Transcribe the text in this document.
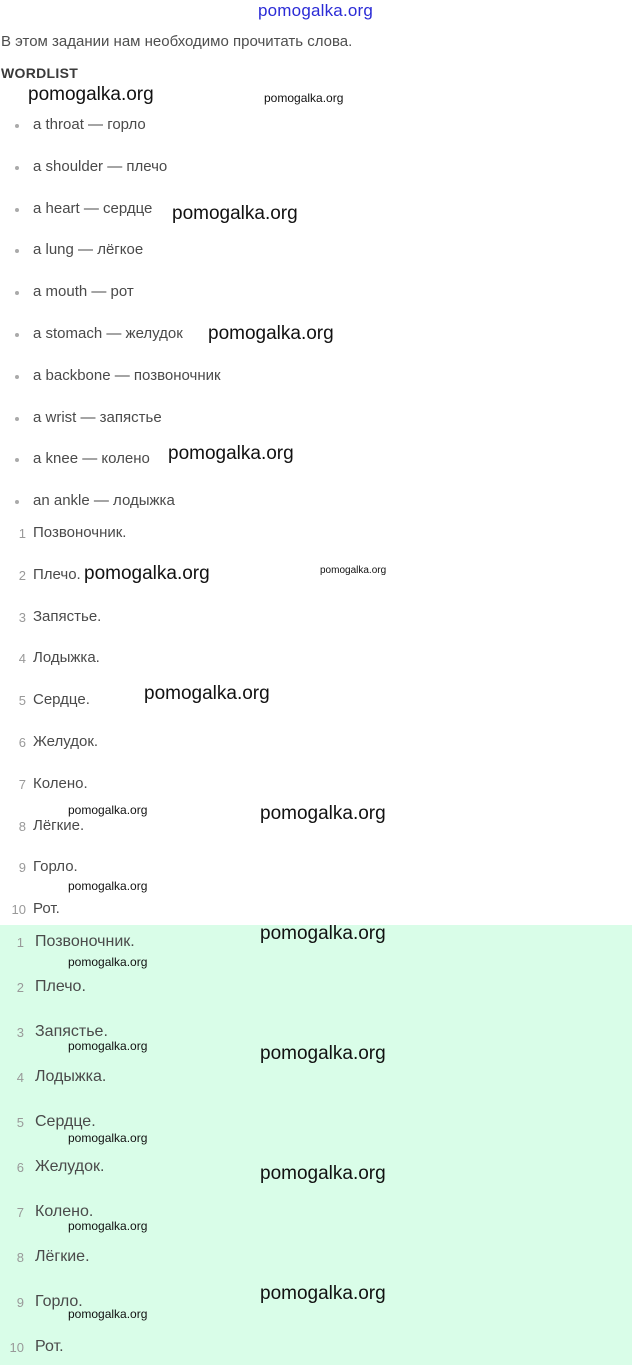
pomogalka.org
В этом задании нам необходимо прочитать слова.
WORDLIST
a throat — горло
a shoulder — плечо
a heart — сердце
a lung — лёгкое
a mouth — рот
a stomach — желудок
a backbone — позвоночник
a wrist — запястье
a knee — колено
an ankle — лодыжка
1 Позвоночник.
2 Плечо.
3 Запястье.
4 Лодыжка.
5 Сердце.
6 Желудок.
7 Колено.
8 Лёгкие.
9 Горло.
10 Рот.
1 Позвоночник.
2 Плечо.
3 Запястье.
4 Лодыжка.
5 Сердце.
6 Желудок.
7 Колено.
8 Лёгкие.
9 Горло.
10 Рот.
pomogalka.org	pomogalka.org
pomogalka.org
pomogalka.org
pomogalka.org
pomogalka.org	pomogalka.org
pomogalka.org
pomogalka.org	pomogalka.org
pomogalka.org
pomogalka.org
pomogalka.org
pomogalka.org	pomogalka.org
pomogalka.org
pomogalka.org
pomogalka.org
pomogalka.org
pomogalka.org
